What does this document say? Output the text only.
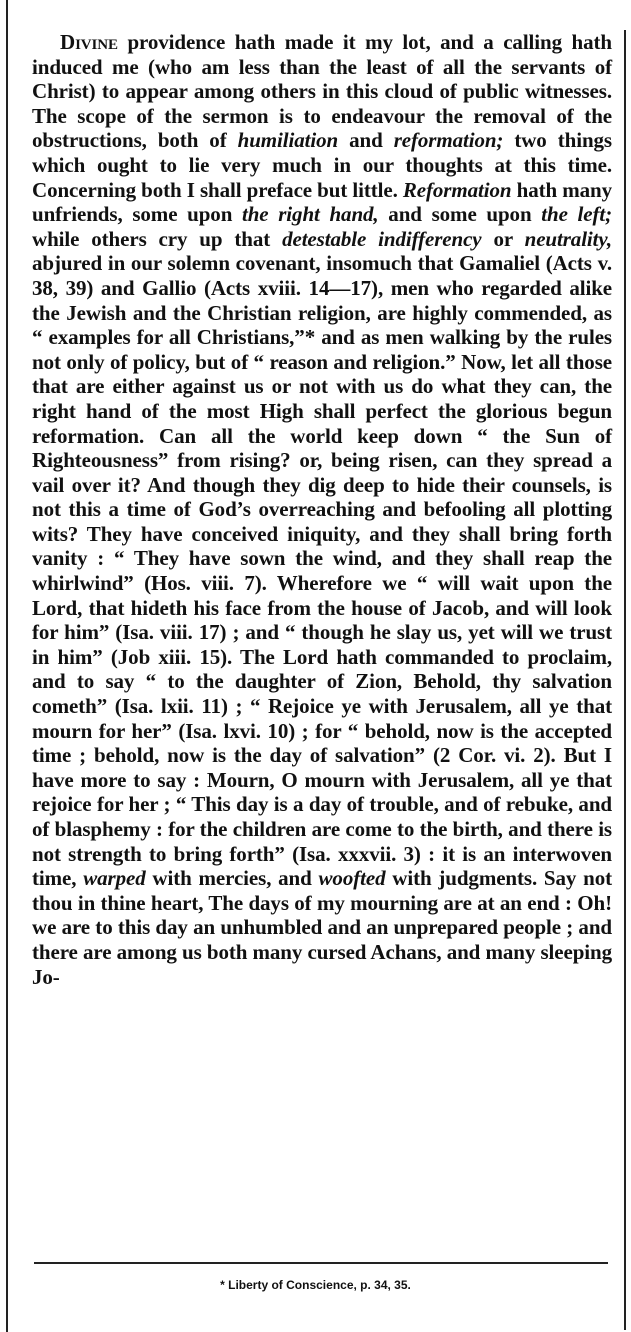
Divine providence hath made it my lot, and a calling hath induced me (who am less than the least of all the servants of Christ) to appear among others in this cloud of public witnesses. The scope of the sermon is to endeavour the removal of the obstructions, both of humiliation and reformation; two things which ought to lie very much in our thoughts at this time. Concerning both I shall preface but little. Reformation hath many unfriends, some upon the right hand, and some upon the left; while others cry up that detestable indifferency or neutrality, abjured in our solemn covenant, insomuch that Gamaliel (Acts v. 38, 39) and Gallio (Acts xviii. 14—17), men who regarded alike the Jewish and the Christian religion, are highly commended, as “ examples for all Christians,”* and as men walking by the rules not only of policy, but of “ reason and religion.” Now, let all those that are either against us or not with us do what they can, the right hand of the most High shall perfect the glorious begun reformation. Can all the world keep down “ the Sun of Righteousness” from rising? or, being risen, can they spread a vail over it? And though they dig deep to hide their counsels, is not this a time of God’s overreaching and befooling all plotting wits? They have conceived iniquity, and they shall bring forth vanity : “ They have sown the wind, and they shall reap the whirlwind” (Hos. viii. 7). Wherefore we “ will wait upon the Lord, that hideth his face from the house of Jacob, and will look for him” (Isa. viii. 17) ; and “ though he slay us, yet will we trust in him” (Job xiii. 15). The Lord hath commanded to proclaim, and to say “ to the daughter of Zion, Behold, thy salvation cometh” (Isa. lxii. 11) ; “ Rejoice ye with Jerusalem, all ye that mourn for her” (Isa. lxvi. 10) ; for “ behold, now is the accepted time ; behold, now is the day of salvation” (2 Cor. vi. 2). But I have more to say : Mourn, O mourn with Jerusalem, all ye that rejoice for her ; “ This day is a day of trouble, and of rebuke, and of blasphemy : for the children are come to the birth, and there is not strength to bring forth” (Isa. xxxvii. 3) : it is an interwoven time, warped with mercies, and woofted with judgments. Say not thou in thine heart, The days of my mourning are at an end : Oh! we are to this day an unhumbled and an unprepared people ; and there are among us both many cursed Achans, and many sleeping Jo-

* Liberty of Conscience, p. 34, 35.
